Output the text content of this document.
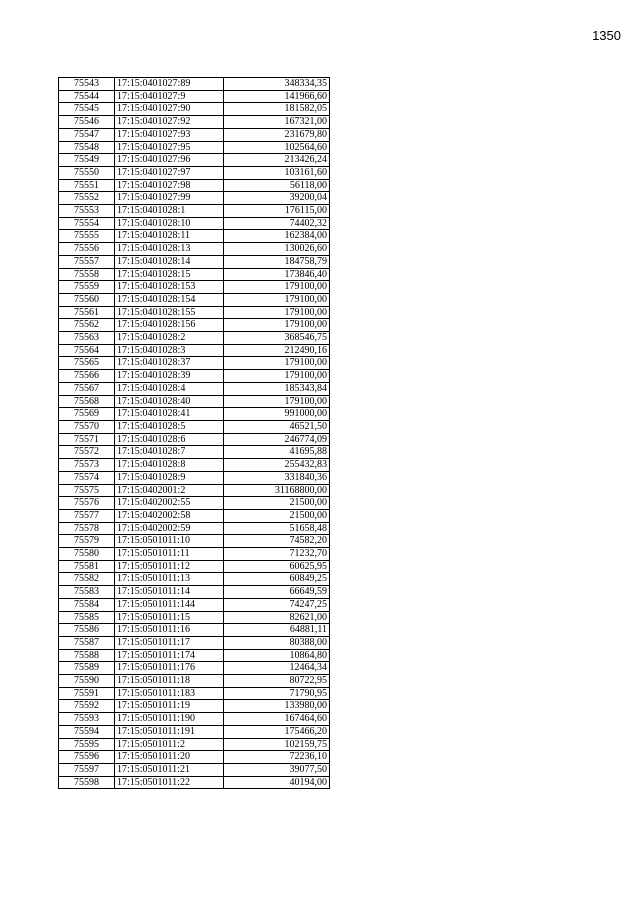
1350
75543	17:15:0401027:89	348334,35
75544	17:15:0401027:9	141966,60
75545	17:15:0401027:90	181582,05
75546	17:15:0401027:92	167321,00
75547	17:15:0401027:93	231679,80
75548	17:15:0401027:95	102564,60
75549	17:15:0401027:96	213426,24
75550	17:15:0401027:97	103161,60
75551	17:15:0401027:98	56118,00
75552	17:15:0401027:99	39200,04
75553	17:15:0401028:1	176115,00
75554	17:15:0401028:10	74402,32
75555	17:15:0401028:11	162384,00
75556	17:15:0401028:13	130026,60
75557	17:15:0401028:14	184758,79
75558	17:15:0401028:15	173846,40
75559	17:15:0401028:153	179100,00
75560	17:15:0401028:154	179100,00
75561	17:15:0401028:155	179100,00
75562	17:15:0401028:156	179100,00
75563	17:15:0401028:2	368546,75
75564	17:15:0401028:3	212490,16
75565	17:15:0401028:37	179100,00
75566	17:15:0401028:39	179100,00
75567	17:15:0401028:4	185343,84
75568	17:15:0401028:40	179100,00
75569	17:15:0401028:41	991000,00
75570	17:15:0401028:5	46521,50
75571	17:15:0401028:6	246774,09
75572	17:15:0401028:7	41695,88
75573	17:15:0401028:8	255432,83
75574	17:15:0401028:9	331840,36
75575	17:15:0402001:2	31168800,00
75576	17:15:0402002:55	21500,00
75577	17:15:0402002:58	21500,00
75578	17:15:0402002:59	51658,48
75579	17:15:0501011:10	74582,20
75580	17:15:0501011:11	71232,70
75581	17:15:0501011:12	60625,95
75582	17:15:0501011:13	60849,25
75583	17:15:0501011:14	66649,59
75584	17:15:0501011:144	74247,25
75585	17:15:0501011:15	82621,00
75586	17:15:0501011:16	64881,11
75587	17:15:0501011:17	80388,00
75588	17:15:0501011:174	10864,80
75589	17:15:0501011:176	12464,34
75590	17:15:0501011:18	80722,95
75591	17:15:0501011:183	71790,95
75592	17:15:0501011:19	133980,00
75593	17:15:0501011:190	167464,60
75594	17:15:0501011:191	175466,20
75595	17:15:0501011:2	102159,75
75596	17:15:0501011:20	72236,10
75597	17:15:0501011:21	39077,50
75598	17:15:0501011:22	40194,00
